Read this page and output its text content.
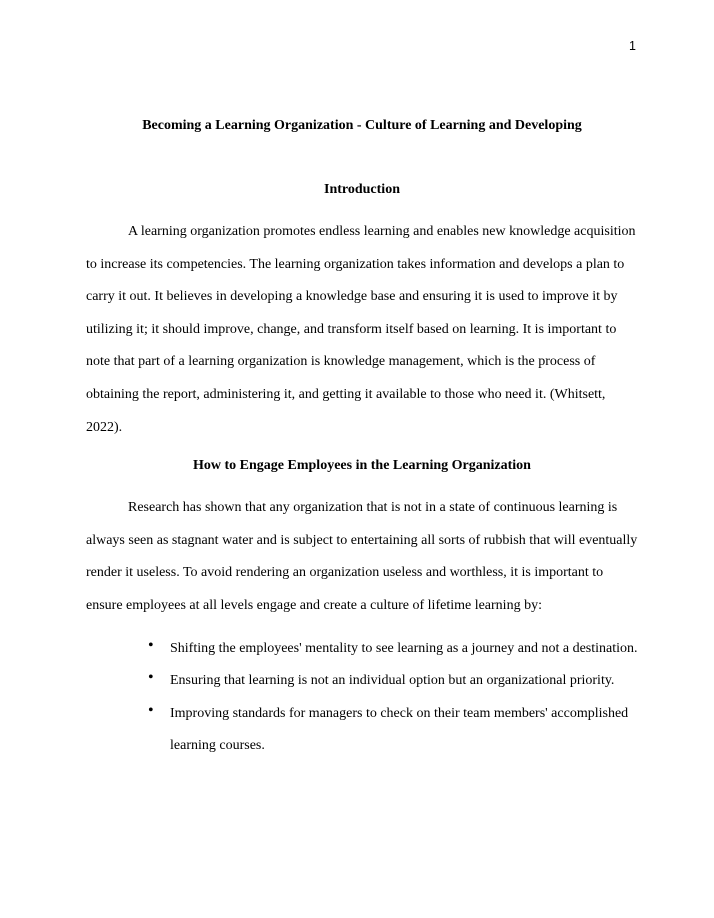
1
Becoming a Learning Organization - Culture of Learning and Developing
Introduction

A learning organization promotes endless learning and enables new knowledge acquisition to increase its competencies. The learning organization takes information and develops a plan to carry it out. It believes in developing a knowledge base and ensuring it is used to improve it by utilizing it; it should improve, change, and transform itself based on learning. It is important to note that part of a learning organization is knowledge management, which is the process of obtaining the report, administering it, and getting it available to those who need it. (Whitsett, 2022).

How to Engage Employees in the Learning Organization

Research has shown that any organization that is not in a state of continuous learning is always seen as stagnant water and is subject to entertaining all sorts of rubbish that will eventually render it useless. To avoid rendering an organization useless and worthless, it is important to ensure employees at all levels engage and create a culture of lifetime learning by:

• Shifting the employees' mentality to see learning as a journey and not a destination.
• Ensuring that learning is not an individual option but an organizational priority.
• Improving standards for managers to check on their team members' accomplished learning courses.
